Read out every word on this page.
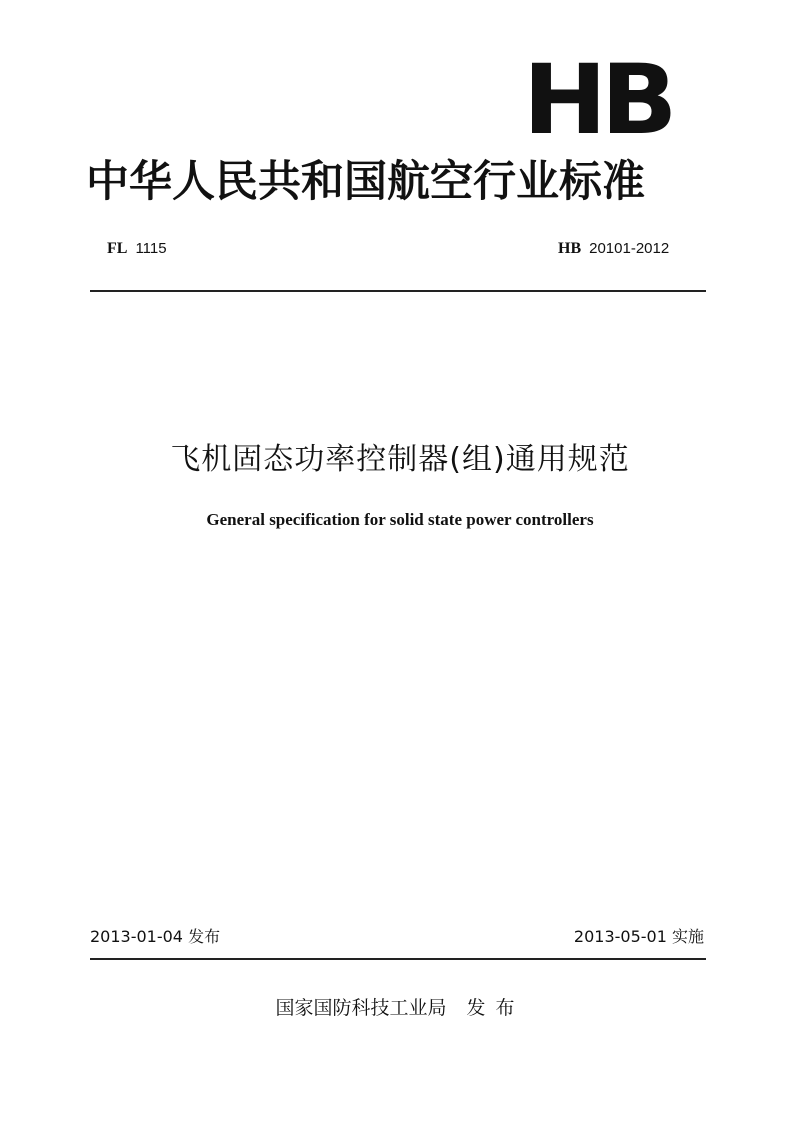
HB
中华人民共和国航空行业标准
FL 1115	HB 20101-2012
飞机固态功率控制器(组)通用规范
General specification for solid state power controllers
2013-01-04 发布	2013-05-01 实施
国家国防科技工业局 发布
